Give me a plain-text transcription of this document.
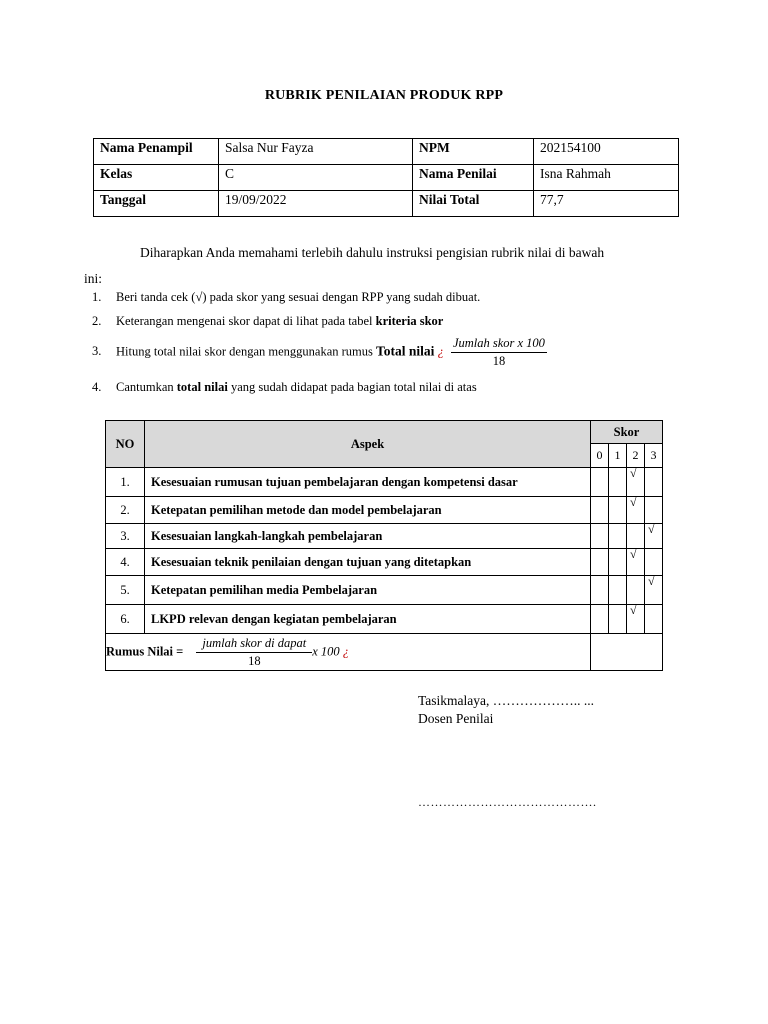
RUBRIK PENILAIAN PRODUK RPP
Nama Penampil	Salsa Nur Fayza	NPM	202154100
Kelas	C	Nama Penilai	Isna Rahmah
Tanggal	19/09/2022	Nilai Total	77,7
Diharapkan Anda memahami terlebih dahulu instruksi pengisian rubrik nilai di bawah
ini:
1. Beri tanda cek (√) pada skor yang sesuai dengan RPP yang sudah dibuat.
2. Keterangan mengenai skor dapat di lihat pada tabel kriteria skor
3. Hitung total nilai skor dengan menggunakan rumus Total nilai ¿ $\frac{\text{Jumlah skor x 100}}{18}$
4. Cantumkan total nilai yang sudah didapat pada bagian total nilai di atas
NO	Aspek	Skor			
		0	1	2	3
1.	Kesesuaian rumusan tujuan pembelajaran dengan kompetensi dasar			√	

2.	Ketepatan pemilihan metode dan model pembelajaran			√	

3.	Kesesuaian langkah-langkah pembelajaran				√

4.	Kesesuaian teknik penilaian dengan tujuan yang ditetapkan			√	

5.	Ketepatan pemilihan media Pembelajaran				√

6.	LKPD relevan dengan kegiatan pembelajaran			√	

Rumus Nilai = $\frac{\text{jumlah skor di dapat}}{18}$ x 100 ¿					
Tasikmalaya, ……………….. ...
Dosen Penilai
…………………………………….
